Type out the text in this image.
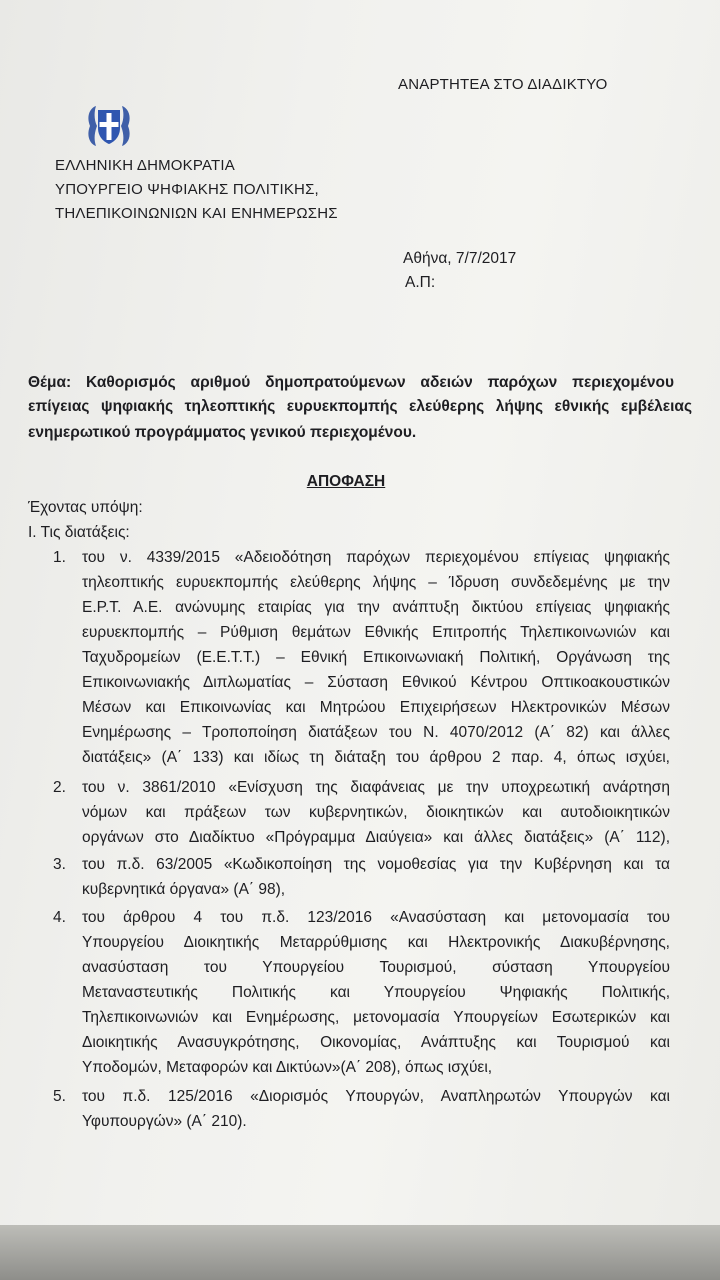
ΑΝΑΡΤΗΤΕΑ ΣΤΟ ΔΙΑΔΙΚΤΥΟ
ΕΛΛΗΝΙΚΗ ΔΗΜΟΚΡΑΤΙΑ
ΥΠΟΥΡΓΕΙΟ ΨΗΦΙΑΚΗΣ ΠΟΛΙΤΙΚΗΣ,
ΤΗΛΕΠΙΚΟΙΝΩΝΙΩΝ ΚΑΙ ΕΝΗΜΕΡΩΣΗΣ
Αθήνα, 7/7/2017
Α.Π:
Θέμα: Καθορισμός αριθμού δημοπρατούμενων αδειών παρόχων περιεχομένου
επίγειας ψηφιακής τηλεοπτικής ευρυεκπομπής ελεύθερης λήψης εθνικής εμβέλειας
ενημερωτικού προγράμματος γενικού περιεχομένου.
ΑΠΟΦΑΣΗ
Έχοντας υπόψη:
Ι. Τις διατάξεις:
1. του ν. 4339/2015 «Αδειοδότηση παρόχων περιεχομένου επίγειας ψηφιακής
τηλεοπτικής ευρυεκπομπής ελεύθερης λήψης – Ίδρυση συνδεδεμένης με την
Ε.Ρ.Τ. Α.Ε. ανώνυμης εταιρίας για την ανάπτυξη δικτύου επίγειας ψηφιακής
ευρυεκπομπής – Ρύθμιση θεμάτων Εθνικής Επιτροπής Τηλεπικοινωνιών και
Ταχυδρομείων (Ε.Ε.Τ.Τ.) – Εθνική Επικοινωνιακή Πολιτική, Οργάνωση της
Επικοινωνιακής Διπλωματίας – Σύσταση Εθνικού Κέντρου Οπτικοακουστικών
Μέσων και Επικοινωνίας και Μητρώου Επιχειρήσεων Ηλεκτρονικών Μέσων
Ενημέρωσης – Τροποποίηση διατάξεων του Ν. 4070/2012 (Α΄ 82) και άλλες
διατάξεις» (Α΄ 133) και ιδίως τη διάταξη του άρθρου 2 παρ. 4, όπως ισχύει,
2. του ν. 3861/2010 «Ενίσχυση της διαφάνειας με την υποχρεωτική ανάρτηση
νόμων και πράξεων των κυβερνητικών, διοικητικών και αυτοδιοικητικών
οργάνων στο Διαδίκτυο «Πρόγραμμα Διαύγεια» και άλλες διατάξεις» (Α΄ 112),
3. του π.δ. 63/2005 «Κωδικοποίηση της νομοθεσίας για την Κυβέρνηση και τα
κυβερνητικά όργανα» (Α΄ 98),
4. του άρθρου 4 του π.δ. 123/2016 «Ανασύσταση και μετονομασία του
Υπουργείου Διοικητικής Μεταρρύθμισης και Ηλεκτρονικής Διακυβέρνησης,
ανασύσταση του Υπουργείου Τουρισμού, σύσταση Υπουργείου
Μεταναστευτικής Πολιτικής και Υπουργείου Ψηφιακής Πολιτικής,
Τηλεπικοινωνιών και Ενημέρωσης, μετονομασία Υπουργείων Εσωτερικών και
Διοικητικής Ανασυγκρότησης, Οικονομίας, Ανάπτυξης και Τουρισμού και
Υποδομών, Μεταφορών και Δικτύων»(Α΄ 208), όπως ισχύει,
5. του π.δ. 125/2016 «Διορισμός Υπουργών, Αναπληρωτών Υπουργών και
Υφυπουργών» (Α΄ 210).
